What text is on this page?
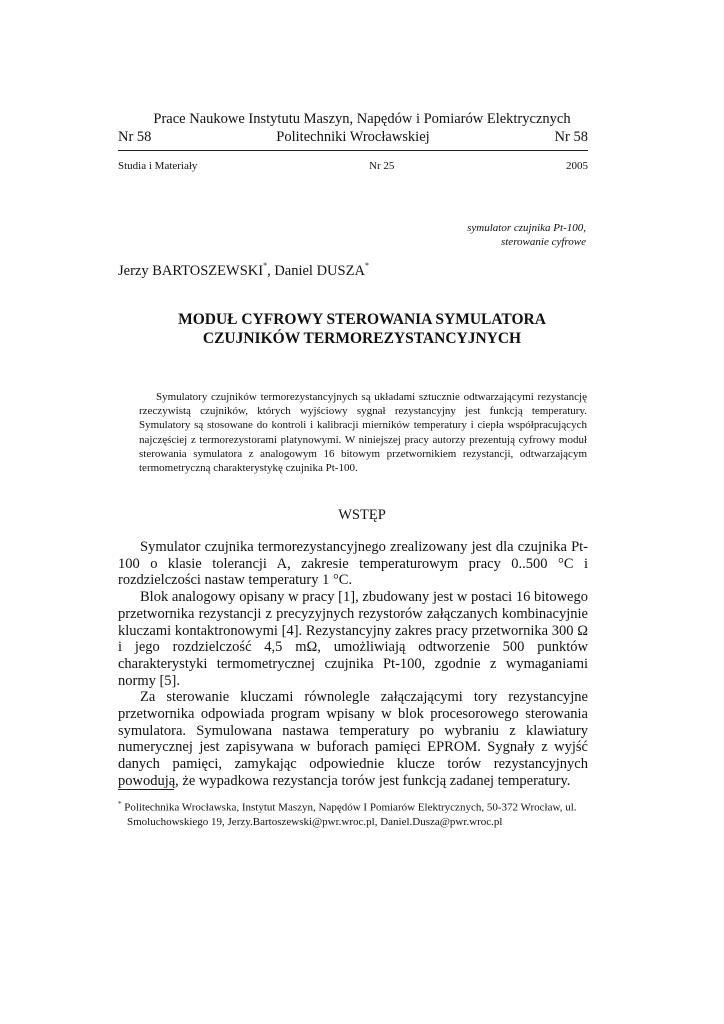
Prace Naukowe Instytutu Maszyn, Napędów i Pomiarów Elektrycznych
Nr 58	Politechniki Wrocławskiej	Nr 58
Studia i Materiały	Nr 25	2005
symulator czujnika Pt-100,
sterowanie cyfrowe
Jerzy BARTOSZEWSKI*, Daniel DUSZA*
MODUŁ CYFROWY STEROWANIA SYMULATORA
CZUJNIKÓW TERMOREZYSTANCYJNYCH

Symulatory czujników termorezystancyjnych są układami sztucznie odtwarzającymi rezystancję rzeczywistą czujników, których wyjściowy sygnał rezystancyjny jest funkcją temperatury. Symulatory są stosowane do kontroli i kalibracji mierników temperatury i ciepła współpracujących najczęściej z termorezystorami platynowymi. W niniejszej pracy autorzy prezentują cyfrowy moduł sterowania symulatora z analogowym 16 bitowym przetwornikiem rezystancji, odtwarzającym termometryczną charakterystykę czujnika Pt-100.

WSTĘP

Symulator czujnika termorezystancyjnego zrealizowany jest dla czujnika Pt-100 o klasie tolerancji A, zakresie temperaturowym pracy 0..500 °C i rozdzielczości nastaw temperatury 1 °C.

Blok analogowy opisany w pracy [1], zbudowany jest w postaci 16 bitowego przetwornika rezystancji z precyzyjnych rezystorów załączanych kombinacyjnie kluczami kontaktronowymi [4]. Rezystancyjny zakres pracy przetwornika 300 Ω i jego rozdzielczość 4,5 mΩ, umożliwiają odtworzenie 500 punktów charakterystyki termometrycznej czujnika Pt-100, zgodnie z wymaganiami normy [5].

Za sterowanie kluczami równolegle załączającymi tory rezystancyjne przetwornika odpowiada program wpisany w blok procesorowego sterowania symulatora. Symulowana nastawa temperatury po wybraniu z klawiatury numerycznej jest zapisywana w buforach pamięci EPROM. Sygnały z wyjść danych pamięci, zamykając odpowiednie klucze torów rezystancyjnych powodują, że wypadkowa rezystancja torów jest funkcją zadanej temperatury.

* Politechnika Wrocławska, Instytut Maszyn, Napędów I Pomiarów Elektrycznych, 50-372 Wrocław, ul.
Smoluchowskiego 19, Jerzy.Bartoszewski@pwr.wroc.pl, Daniel.Dusza@pwr.wroc.pl
